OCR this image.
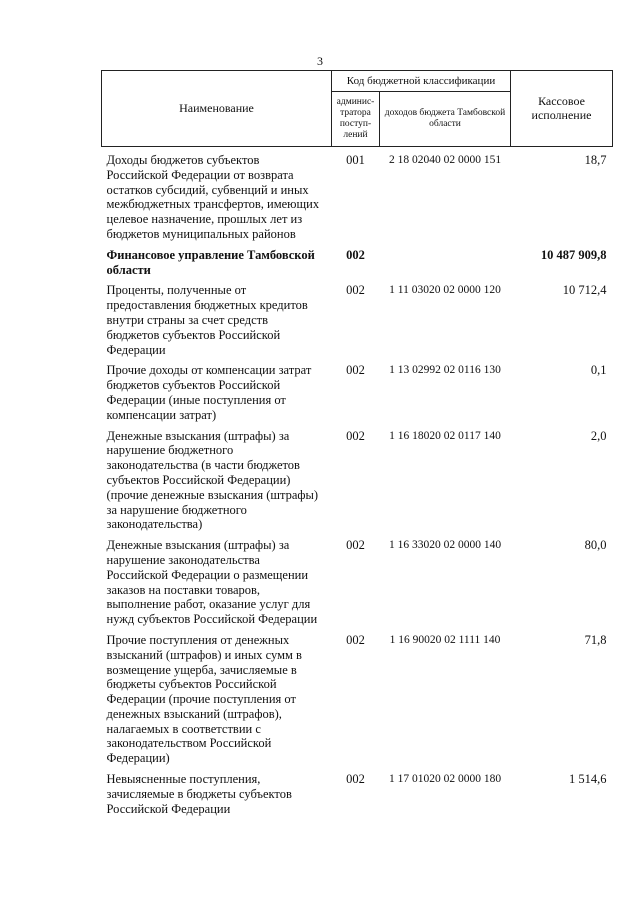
3
Наименование	Код бюджетной классификации		Кассовое исполнение
	админис-тратора поступ-лений	доходов бюджета Тамбовской области	

Доходы бюджетов субъектов Российской Федерации от возврата остатков субсидий, субвенций и иных межбюджетных трансфертов, имеющих целевое назначение, прошлых лет из бюджетов муниципальных районов	001	2 18 02040 02 0000 151	18,7

Финансовое управление Тамбовской области	002		10 487 909,8

Проценты, полученные от предоставления бюджетных кредитов внутри страны за счет средств бюджетов субъектов Российской Федерации	002	1 11 03020 02 0000 120	10 712,4

Прочие доходы от компенсации затрат бюджетов субъектов Российской Федерации (иные поступления от компенсации затрат)	002	1 13 02992 02 0116 130	0,1

Денежные взыскания (штрафы) за нарушение бюджетного законодательства (в части бюджетов субъектов Российской Федерации) (прочие денежные взыскания (штрафы) за нарушение бюджетного законодательства)	002	1 16 18020 02 0117 140	2,0

Денежные взыскания (штрафы) за нарушение законодательства Российской Федерации о размещении заказов на поставки товаров, выполнение работ, оказание услуг для нужд субъектов Российской Федерации	002	1 16 33020 02 0000 140	80,0

Прочие поступления от денежных взысканий (штрафов) и иных сумм в возмещение ущерба, зачисляемые в бюджеты субъектов Российской Федерации (прочие поступления от денежных взысканий (штрафов), налагаемых в соответствии с законодательством Российской Федерации)	002	1 16 90020 02 1111 140	71,8

Невыясненные поступления, зачисляемые в бюджеты субъектов Российской Федерации	002	1 17 01020 02 0000 180	1 514,6
